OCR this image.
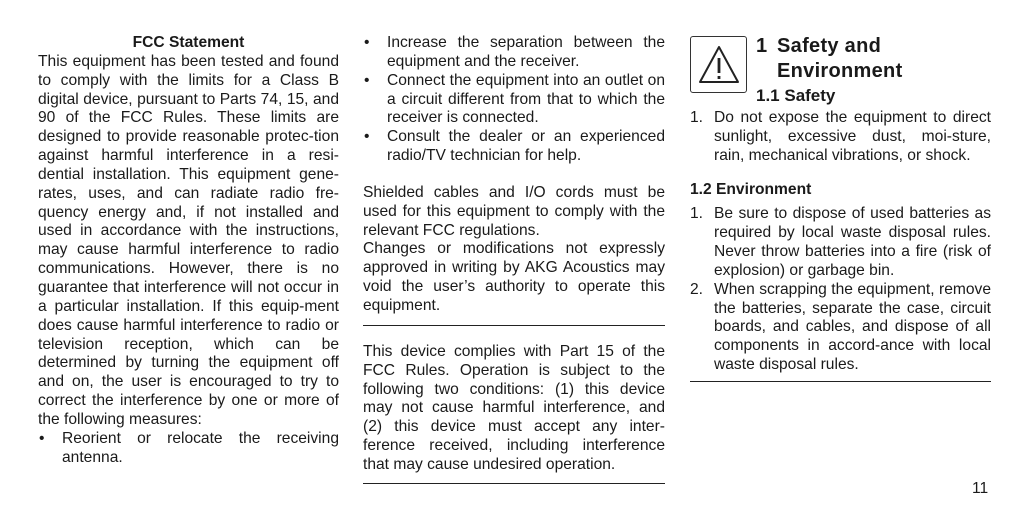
FCC Statement

This equipment has been tested and found to comply with the limits for a Class B digital device, pursuant to Parts 74, 15, and 90 of the FCC Rules. These limits are designed to provide reasonable protec-tion against harmful interference in a resi-dential installation. This equipment gene-rates, uses, and can radiate radio fre-quency energy and, if not installed and used in accordance with the instructions, may cause harmful interference to radio communications. However, there is no guarantee that interference will not occur in a particular installation. If this equip-ment does cause harmful interference to radio or television reception, which can be determined by turning the equipment off and on, the user is encouraged to try to correct the interference by one or more of the following measures:

• Reorient or relocate the receiving antenna.
• Increase the separation between the equipment and the receiver.
• Connect the equipment into an outlet on a circuit different from that to which the receiver is connected.
• Consult the dealer or an experienced radio/TV technician for help.

Shielded cables and I/O cords must be used for this equipment to comply with the relevant FCC regulations.

Changes or modifications not expressly approved in writing by AKG Acoustics may void the user’s authority to operate this equipment.

This device complies with Part 15 of the FCC Rules. Operation is subject to the following two conditions: (1) this device may not cause harmful interference, and (2) this device must accept any inter-ference received, including interference that may cause undesired operation.

1 Safety and
Environment
1.1 Safety
1. Do not expose the equipment to direct sunlight, excessive dust, moi-sture, rain, mechanical vibrations, or shock.

1.2 Environment

1. Be sure to dispose of used batteries as required by local waste disposal rules. Never throw batteries into a fire (risk of explosion) or garbage bin.
2. When scrapping the equipment, remove the batteries, separate the case, circuit boards, and cables, and dispose of all components in accord-ance with local waste disposal rules.
11
